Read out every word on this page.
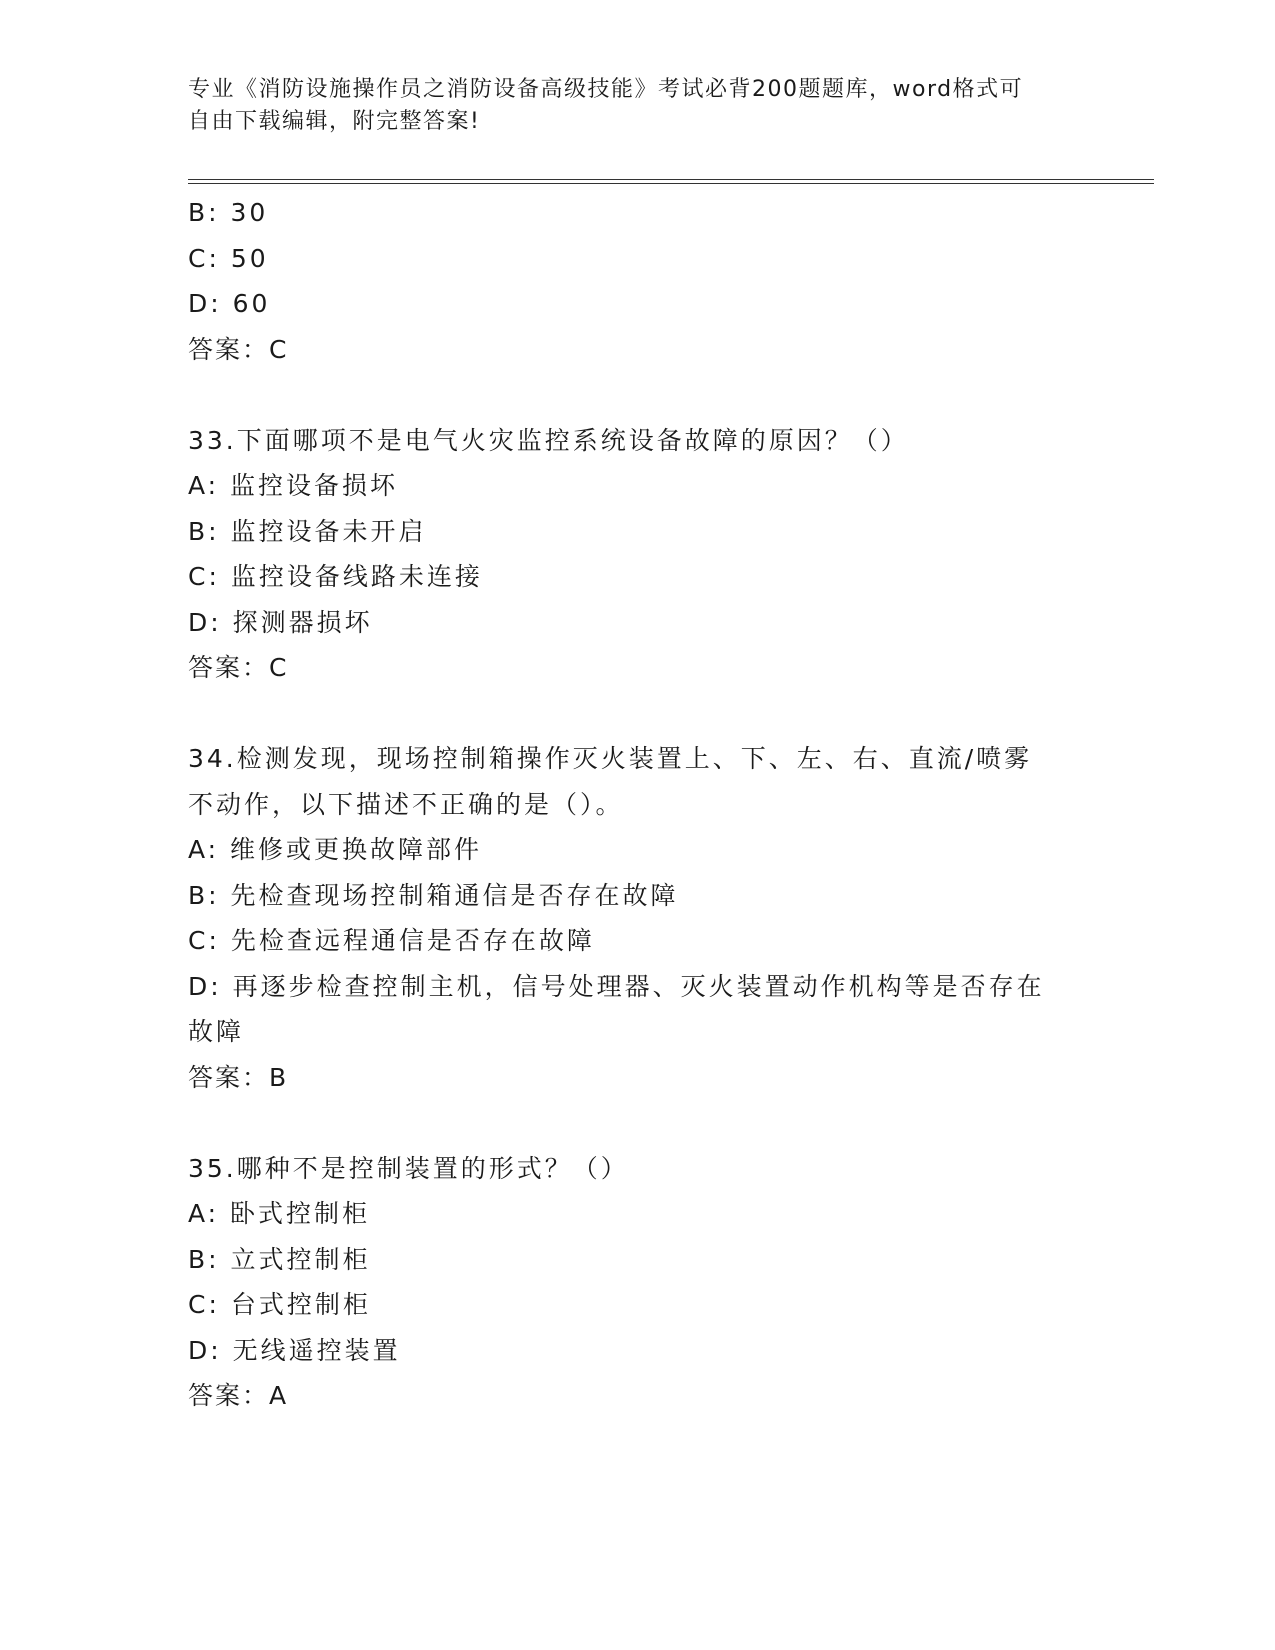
专业《消防设施操作员之消防设备高级技能》考试必背200题题库，word格式可
自由下载编辑，附完整答案!
B: 30
C: 50
D: 60
答案：C
33.下面哪项不是电气火灾监控系统设备故障的原因？（）
A: 监控设备损坏
B: 监控设备未开启
C: 监控设备线路未连接
D: 探测器损坏
答案：C
34.检测发现，现场控制箱操作灭火装置上、下、左、右、直流/喷雾
不动作，以下描述不正确的是（）。
A: 维修或更换故障部件
B: 先检查现场控制箱通信是否存在故障
C: 先检查远程通信是否存在故障
D: 再逐步检查控制主机，信号处理器、灭火装置动作机构等是否存在
故障
答案：B
35.哪种不是控制装置的形式？（）
A: 卧式控制柜
B: 立式控制柜
C: 台式控制柜
D: 无线遥控装置
答案：A
